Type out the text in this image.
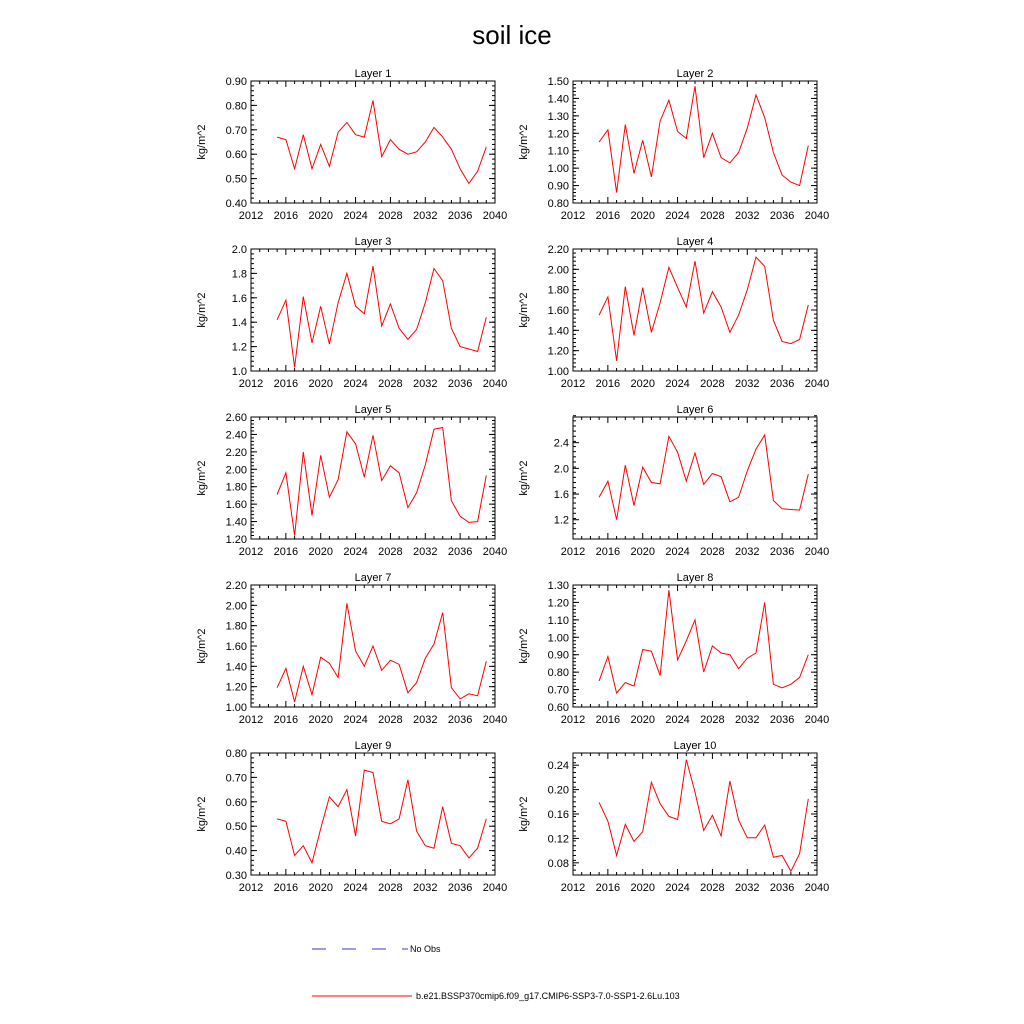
soil ice
Layer 1
kg/m^2
2012 2016 2020 2024 2028 2032 2036 2040
0.40
0.50
0.60
0.70
0.80
0.90
Layer 2
kg/m^2
2012 2016 2020 2024 2028 2032 2036 2040
0.80
0.90
1.00
1.10
1.20
1.30
1.40
1.50
Layer 3
kg/m^2
2012 2016 2020 2024 2028 2032 2036 2040
1.0
1.2
1.4
1.6
1.8
2.0
Layer 4
kg/m^2
2012 2016 2020 2024 2028 2032 2036 2040
1.00
1.20
1.40
1.60
1.80
2.00
2.20
Layer 5
kg/m^2
2012 2016 2020 2024 2028 2032 2036 2040
1.20
1.40
1.60
1.80
2.00
2.20
2.40
2.60
Layer 6
kg/m^2
2012 2016 2020 2024 2028 2032 2036 2040
1.2
1.6
2.0
2.4
Layer 7
kg/m^2
2012 2016 2020 2024 2028 2032 2036 2040
1.00
1.20
1.40
1.60
1.80
2.00
2.20
Layer 8
kg/m^2
2012 2016 2020 2024 2028 2032 2036 2040
0.60
0.70
0.80
0.90
1.00
1.10
1.20
1.30
Layer 9
kg/m^2
2012 2016 2020 2024 2028 2032 2036 2040
0.30
0.40
0.50
0.60
0.70
0.80
Layer 10
kg/m^2
2012 2016 2020 2024 2028 2032 2036 2040
0.08
0.12
0.16
0.20
0.24
No Obs
b.e21.BSSP370cmip6.f09_g17.CMIP6-SSP3-7.0-SSP1-2.6Lu.103
